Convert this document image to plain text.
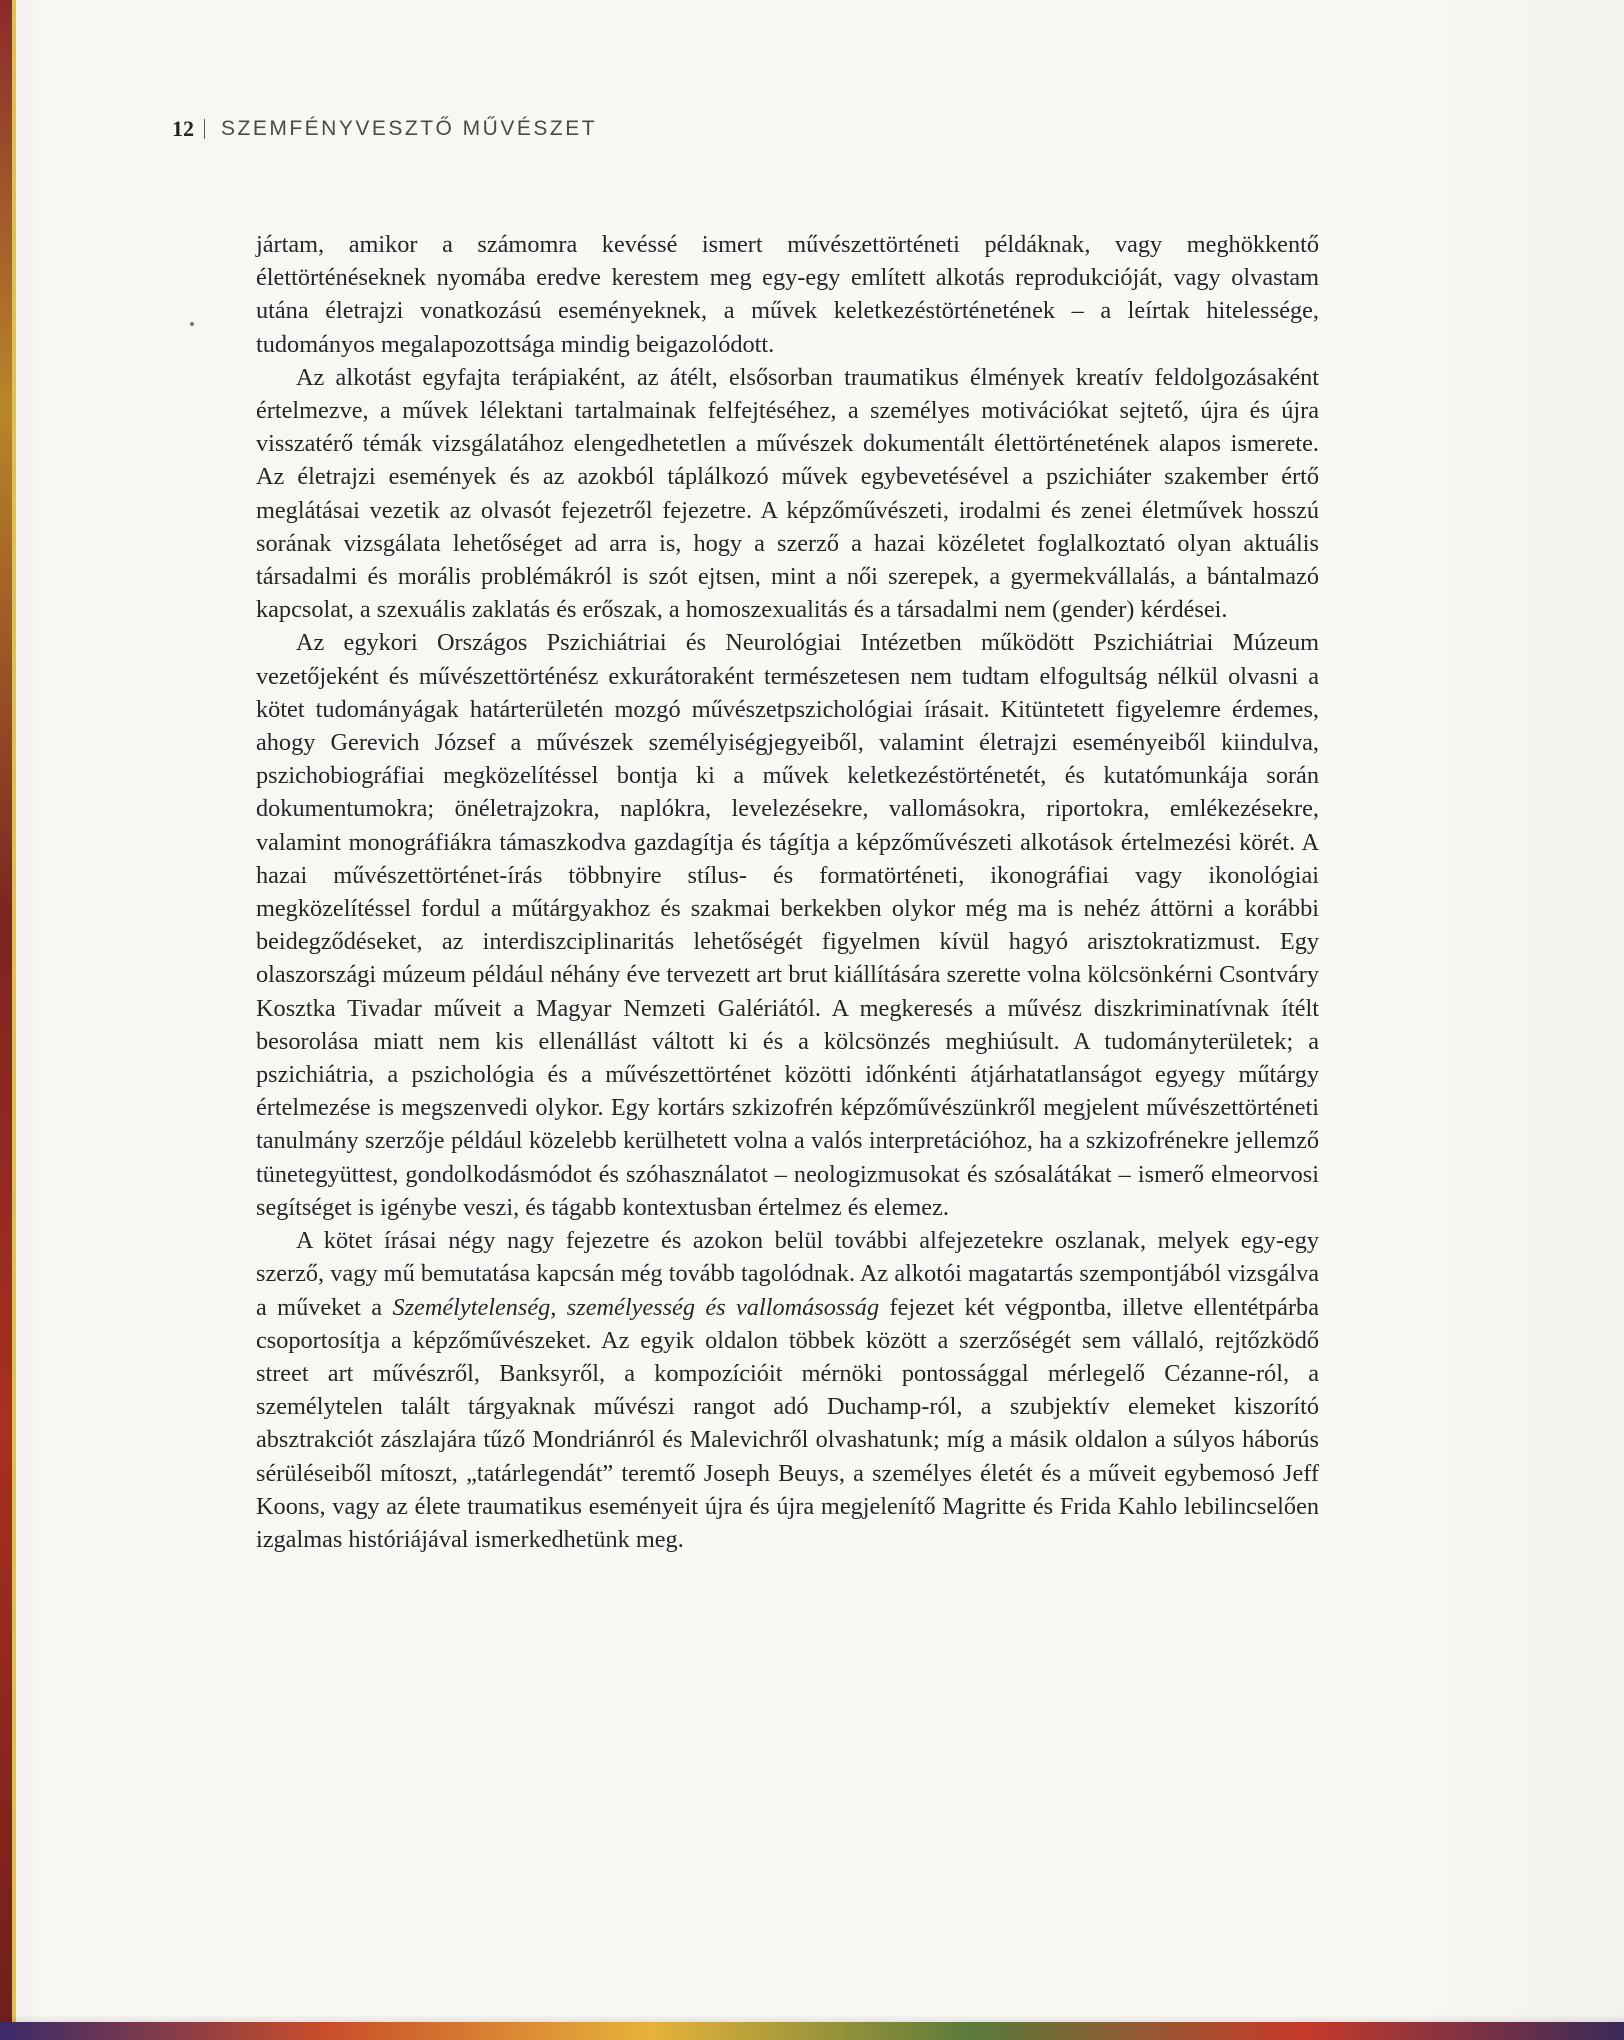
12 SZEMFÉNYVESZTŐ MŰVÉSZET

jártam, amikor a számomra kevéssé ismert művészettörténeti példáknak, vagy meghökkentő élettörténéseknek nyomába eredve kerestem meg egy-egy említett alkotás reprodukcióját, vagy olvastam utána életrajzi vonatkozású eseményeknek, a művek keletkezéstörténetének – a leírtak hitelessége, tudományos megalapozottsága mindig beigazolódott.

Az alkotást egyfajta terápiaként, az átélt, elsősorban traumatikus élmények kreatív feldolgozásaként értelmezve, a művek lélektani tartalmainak felfejtéséhez, a személyes motivációkat sejtető, újra és újra visszatérő témák vizsgálatához elengedhetetlen a művészek dokumentált élettörténetének alapos ismerete. Az életrajzi események és az azokból táplálkozó művek egybevetésével a pszichiáter szakember értő meglátásai vezetik az olvasót fejezetről fejezetre. A képzőművészeti, irodalmi és zenei életművek hosszú sorának vizsgálata lehetőséget ad arra is, hogy a szerző a hazai közéletet foglalkoztató olyan aktuális társadalmi és morális problémákról is szót ejtsen, mint a női szerepek, a gyermekvállalás, a bántalmazó kapcsolat, a szexuális zaklatás és erőszak, a homoszexualitás és a társadalmi nem (gender) kérdései.

Az egykori Országos Pszichiátriai és Neurológiai Intézetben működött Pszichiátriai Múzeum vezetőjeként és művészettörténész exkurátoraként természetesen nem tudtam elfogultság nélkül olvasni a kötet tudományágak határterületén mozgó művészetpszichológiai írásait. Kitüntetett figyelemre érdemes, ahogy Gerevich József a művészek személyiségjegyeiből, valamint életrajzi eseményeiből kiindulva, pszichobiográfiai megközelítéssel bontja ki a művek keletkezéstörténetét, és kutatómunkája során dokumentumokra; önéletrajzokra, naplókra, levelezésekre, vallomásokra, riportokra, emlékezésekre, valamint monográfiákra támaszkodva gazdagítja és tágítja a képzőművészeti alkotások értelmezési körét. A hazai művészettörténet-írás többnyire stílus- és formatörténeti, ikonográfiai vagy ikonológiai megközelítéssel fordul a műtárgyakhoz és szakmai berkekben olykor még ma is nehéz áttörni a korábbi beidegződéseket, az interdiszciplinaritás lehetőségét figyelmen kívül hagyó arisztokratizmust. Egy olaszországi múzeum például néhány éve tervezett art brut kiállítására szerette volna kölcsönkérni Csontváry Kosztka Tivadar műveit a Magyar Nemzeti Galériától. A megkeresés a művész diszkriminatívnak ítélt besorolása miatt nem kis ellenállást váltott ki és a kölcsönzés meghiúsult. A tudományterületek; a pszichiátria, a pszichológia és a művészettörténet közötti időnkénti átjárhatatlanságot egyegy műtárgy értelmezése is megszenvedi olykor. Egy kortárs szkizofrén képzőművészünkről megjelent művészettörténeti tanulmány szerzője például közelebb kerülhetett volna a valós interpretációhoz, ha a szkizofrénekre jellemző tünetegyüttest, gondolkodásmódot és szóhasználatot – neologizmusokat és szósalátákat – ismerő elmeorvosi segítséget is igénybe veszi, és tágabb kontextusban értelmez és elemez.

A kötet írásai négy nagy fejezetre és azokon belül további alfejezetekre oszlanak, melyek egy-egy szerző, vagy mű bemutatása kapcsán még tovább tagolódnak. Az alkotói magatartás szempontjából vizsgálva a műveket a Személytelenség, személyesség és vallomásosság fejezet két végpontba, illetve ellentétpárba csoportosítja a képzőművészeket. Az egyik oldalon többek között a szerzőségét sem vállaló, rejtőzködő street art művészről, Banksyről, a kompozícióit mérnöki pontossággal mérlegelő Cézanne-ról, a személytelen talált tárgyaknak művészi rangot adó Duchamp-ról, a szubjektív elemeket kiszorító absztrakciót zászlajára tűző Mondriánról és Malevichről olvashatunk; míg a másik oldalon a súlyos háborús sérüléseiből mítoszt, „tatárlegendát” teremtő Joseph Beuys, a személyes életét és a műveit egybemosó Jeff Koons, vagy az élete traumatikus eseményeit újra és újra megjelenítő Magritte és Frida Kahlo lebilincselően izgalmas históriájával ismerkedhetünk meg.
